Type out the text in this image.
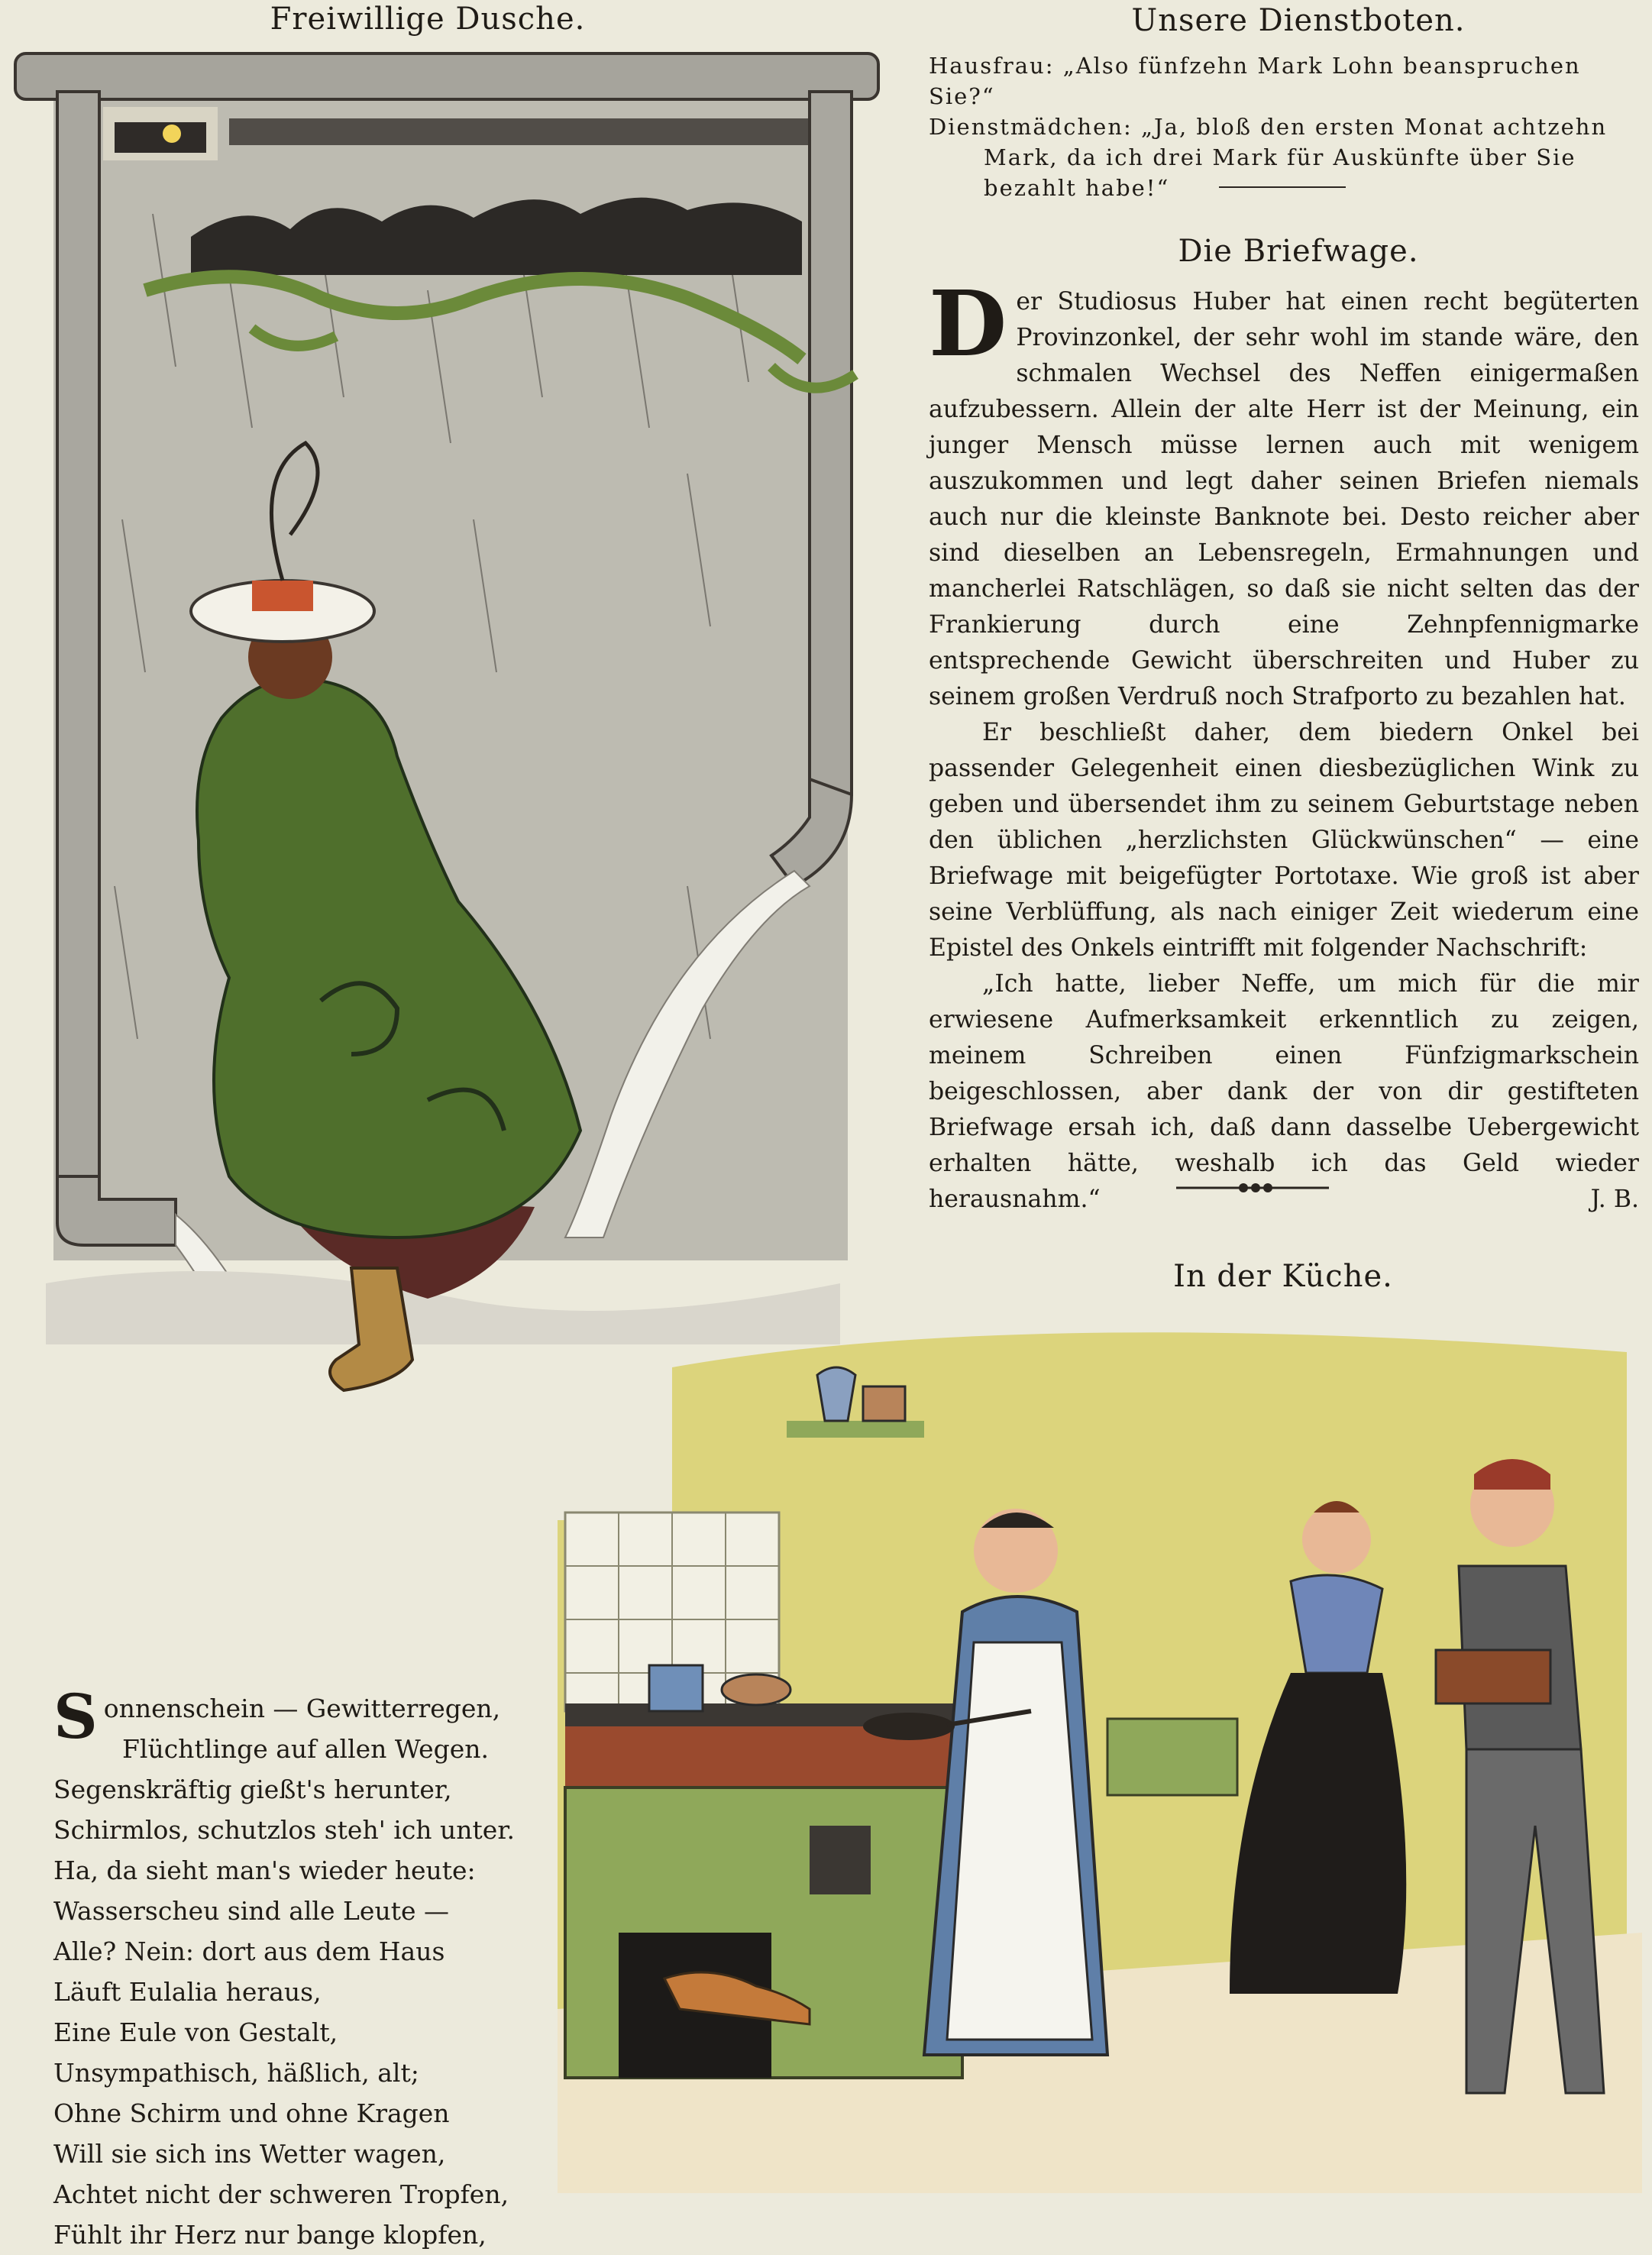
Freiwillige Dusche.	Unsere Dienstboten.
Hausfrau: „Also fünfzehn Mark Lohn beanspruchen Sie?“
Dienstmädchen: „Ja, bloß den ersten Monat achtzehn
Mark, da ich drei Mark für Auskünfte über Sie
bezahlt habe!“
Die Briefwage.

Der Studiosus Huber hat einen recht begüterten Provinzonkel, der sehr wohl im stande wäre, den schmalen Wechsel des Neffen einigermaßen aufzubessern. Allein der alte Herr ist der Meinung, ein junger Mensch müsse lernen auch mit wenigem auszukommen und legt daher seinen Briefen niemals auch nur die kleinste Banknote bei. Desto reicher aber sind dieselben an Lebensregeln, Ermahnungen und mancherlei Ratschlägen, so daß sie nicht selten das der Frankierung durch eine Zehnpfennigmarke entsprechende Gewicht überschreiten und Huber zu seinem großen Verdruß noch Strafporto zu bezahlen hat.

Er beschließt daher, dem biedern Onkel bei passender Gelegenheit einen diesbezüglichen Wink zu geben und übersendet ihm zu seinem Geburtstage neben den üblichen „herzlichsten Glückwünschen“ — eine Briefwage mit beigefügter Portotaxe. Wie groß ist aber seine Verblüffung, als nach einiger Zeit wiederum eine Epistel des Onkels eintrifft mit folgender Nachschrift:

„Ich hatte, lieber Neffe, um mich für die mir erwiesene Aufmerksamkeit erkenntlich zu zeigen, meinem Schreiben einen Fünfzigmarkschein beigeschlossen, aber dank der von dir gestifteten Briefwage ersah ich, daß dann dasselbe Uebergewicht erhalten hätte, weshalb ich das Geld wieder herausnahm.“	J. B.

In der Küche.
Sonnenschein — Gewitterregen,
Flüchtlinge auf allen Wegen.
Segenskräftig gießt's herunter,
Schirmlos, schutzlos steh' ich unter.
Ha, da sieht man's wieder heute:
Wasserscheu sind alle Leute —
Alle? Nein: dort aus dem Haus
Läuft Eulalia heraus,
Eine Eule von Gestalt,
Unsympathisch, häßlich, alt;
Ohne Schirm und ohne Kragen
Will sie sich ins Wetter wagen,
Achtet nicht der schweren Tropfen,
Fühlt ihr Herz nur bange klopfen,
